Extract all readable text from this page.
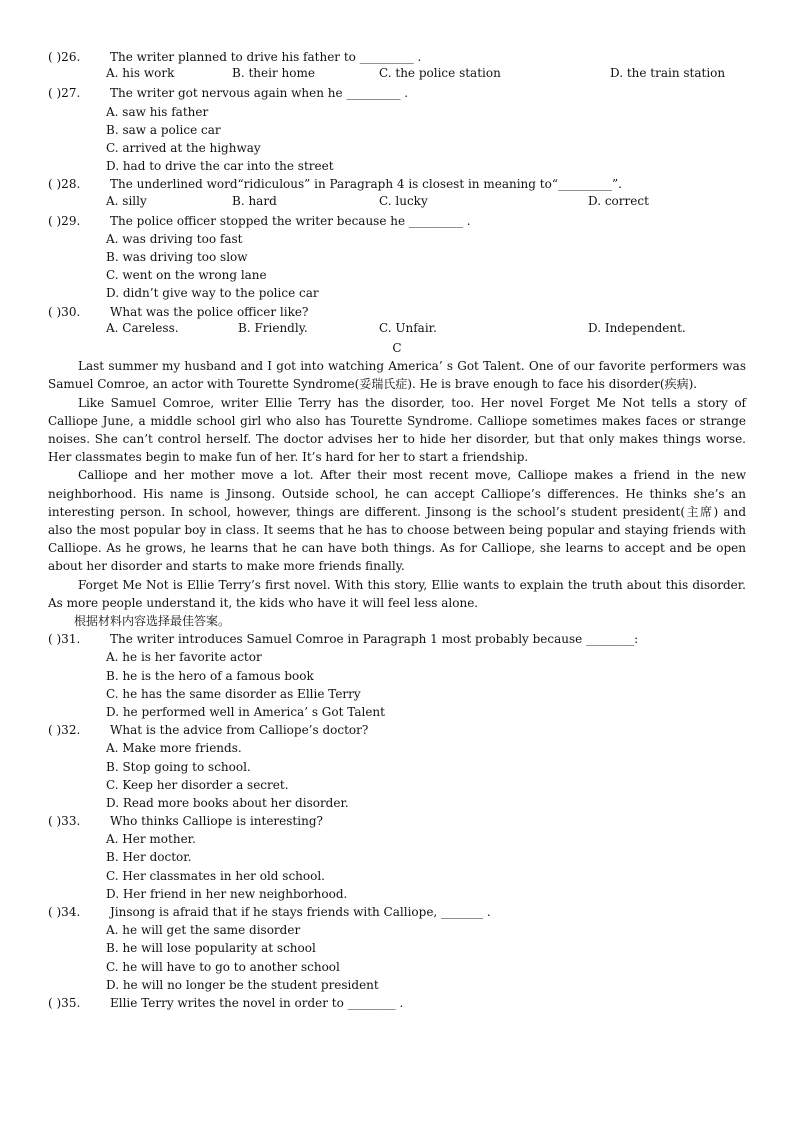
( )26. The writer planned to drive his father to _________ .
A. his work	B. their home	C. the police station	D. the train station
( )27. The writer got nervous again when he _________ .
A. saw his father
B. saw a police car
C. arrived at the highway
D. had to drive the car into the street
( )28. The underlined word“ridiculous” in Paragraph 4 is closest in meaning to“_________”.
A. silly	B. hard	C. lucky	D. correct
( )29. The police officer stopped the writer because he _________ .
A. was driving too fast
B. was driving too slow
C. went on the wrong lane
D. didn’t give way to the police car
( )30. What was the police officer like?
A. Careless.	B. Friendly.	C. Unfair.	D. Independent.
C

Last summer my husband and I got into watching America’ s Got Talent. One of our favorite performers was Samuel Comroe, an actor with Tourette Syndrome(妥瑞氏症). He is brave enough to face his disorder(疾病).

Like Samuel Comroe, writer Ellie Terry has the disorder, too. Her novel Forget Me Not tells a story of Calliope June, a middle school girl who also has Tourette Syndrome. Calliope sometimes makes faces or strange noises. She can’t control herself. The doctor advises her to hide her disorder, but that only makes things worse. Her classmates begin to make fun of her. It’s hard for her to start a friendship.

Calliope and her mother move a lot. After their most recent move, Calliope makes a friend in the new neighborhood. His name is Jinsong. Outside school, he can accept Calliope’s differences. He thinks she’s an interesting person. In school, however, things are different. Jinsong is the school’s student president(主席) and also the most popular boy in class. It seems that he has to choose between being popular and staying friends with Calliope. As he grows, he learns that he can have both things. As for Calliope, she learns to accept and be open about her disorder and starts to make more friends finally.

Forget Me Not is Ellie Terry’s first novel. With this story, Ellie wants to explain the truth about this disorder. As more people understand it, the kids who have it will feel less alone.

根据材料内容选择最佳答案。
( )31. The writer introduces Samuel Comroe in Paragraph 1 most probably because ________:
A. he is her favorite actor
B. he is the hero of a famous book
C. he has the same disorder as Ellie Terry
D. he performed well in America’ s Got Talent
( )32. What is the advice from Calliope’s doctor?
A. Make more friends.
B. Stop going to school.
C. Keep her disorder a secret.
D. Read more books about her disorder.
( )33. Who thinks Calliope is interesting?
A. Her mother.
B. Her doctor.
C. Her classmates in her old school.
D. Her friend in her new neighborhood.
( )34. Jinsong is afraid that if he stays friends with Calliope, _______ .
A. he will get the same disorder
B. he will lose popularity at school
C. he will have to go to another school
D. he will no longer be the student president
( )35. Ellie Terry writes the novel in order to ________ .
